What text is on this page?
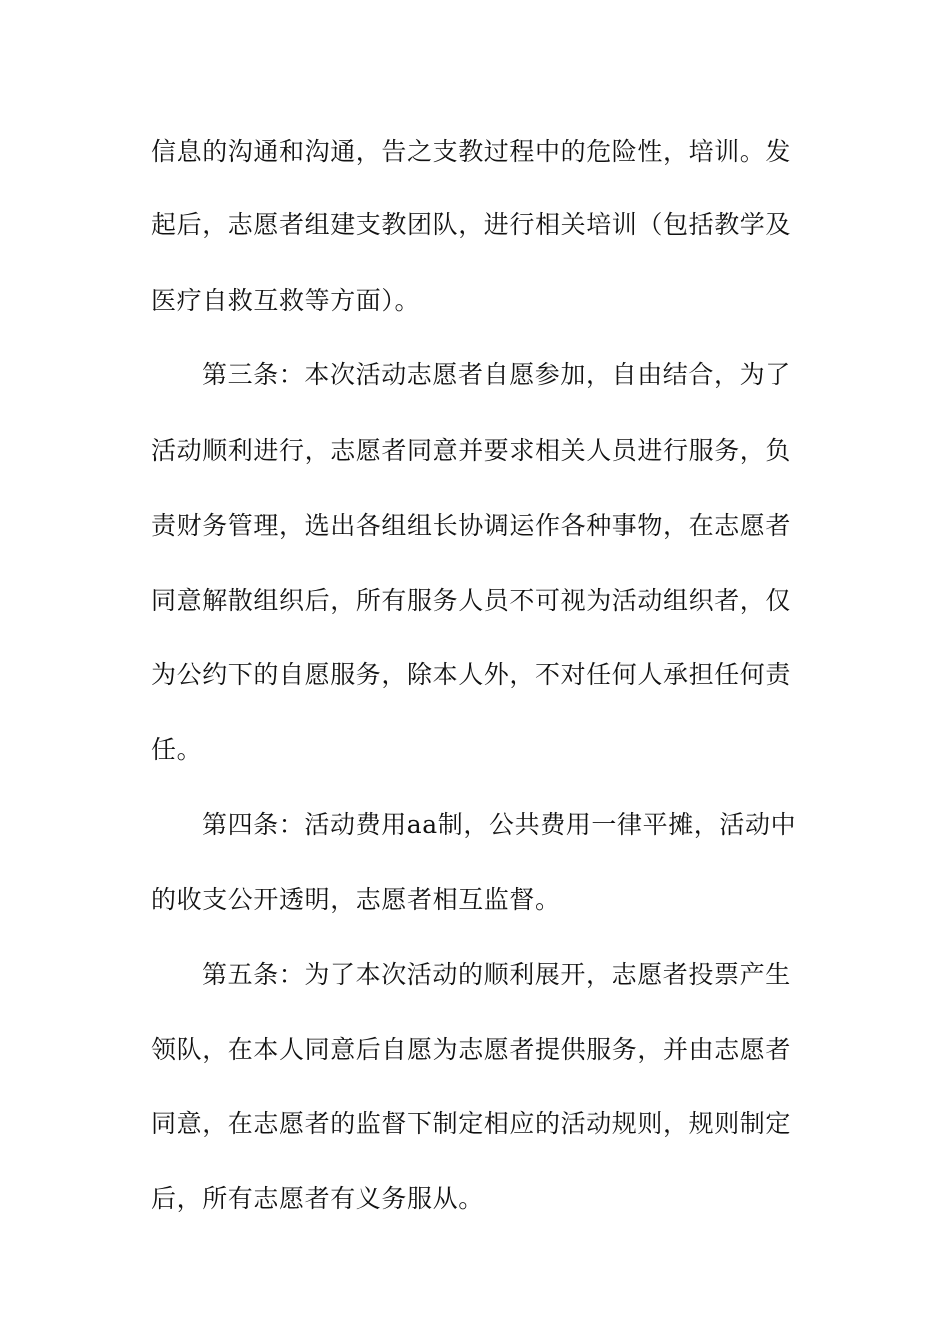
信息的沟通和沟通，告之支教过程中的危险性，培训。发
起后，志愿者组建支教团队，进行相关培训（包括教学及
医疗自救互救等方面）。
第三条：本次活动志愿者自愿参加，自由结合，为了
活动顺利进行，志愿者同意并要求相关人员进行服务，负
责财务管理，选出各组组长协调运作各种事物，在志愿者
同意解散组织后，所有服务人员不可视为活动组织者，仅
为公约下的自愿服务，除本人外，不对任何人承担任何责
任。
第四条：活动费用aa制，公共费用一律平摊，活动中
的收支公开透明，志愿者相互监督。
第五条：为了本次活动的顺利展开，志愿者投票产生
领队，在本人同意后自愿为志愿者提供服务，并由志愿者
同意，在志愿者的监督下制定相应的活动规则，规则制定
后，所有志愿者有义务服从。
